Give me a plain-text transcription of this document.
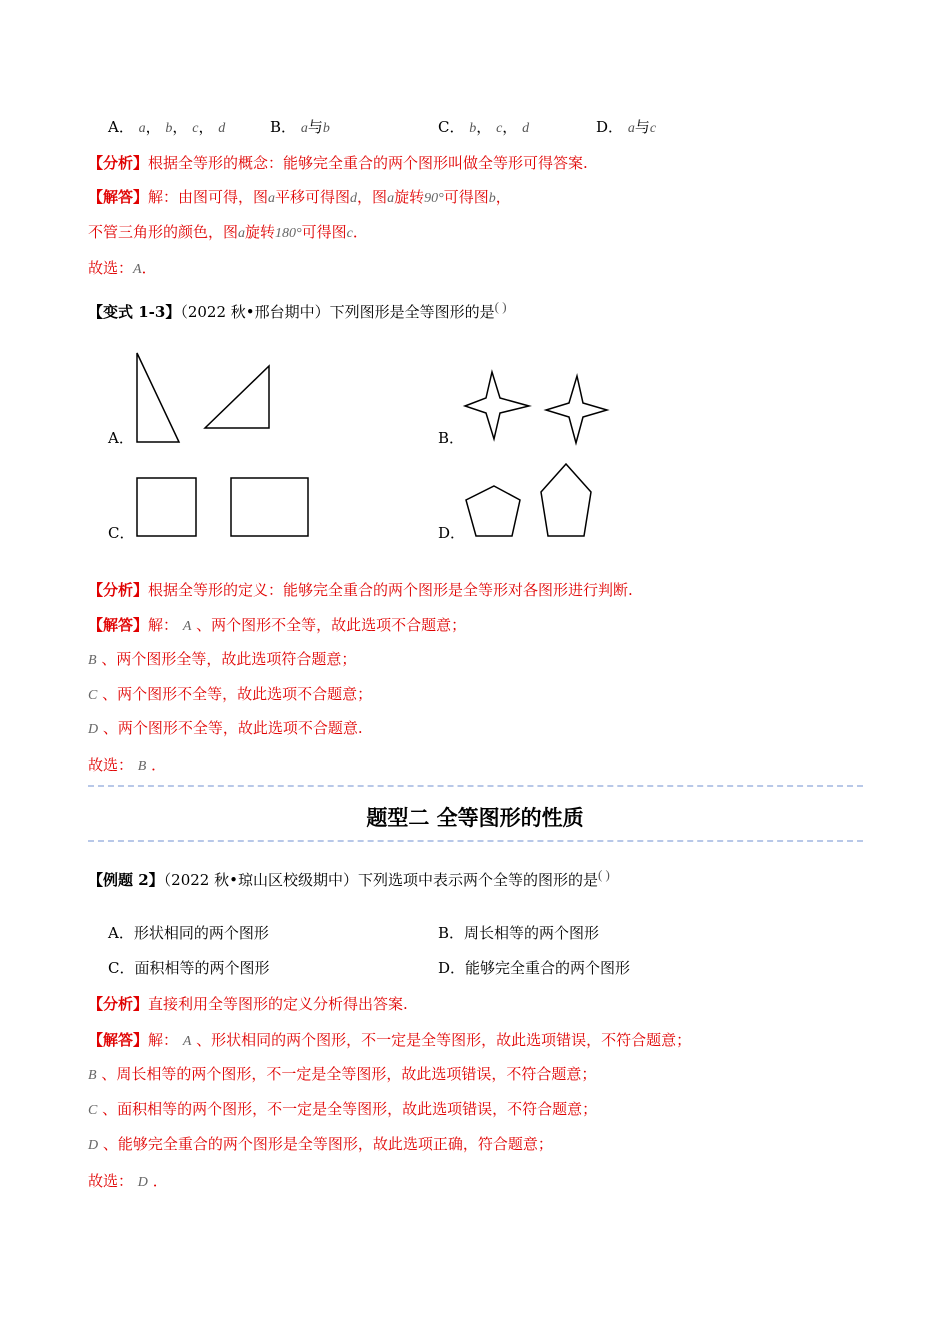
A． a， b， c， d	B． a与b	C． b， c， d	D． a与c
【分析】根据全等形的概念：能够完全重合的两个图形叫做全等形可得答案.
【解答】解：由图可得，图a平移可得图d，图a旋转90°可得图b，
不管三角形的颜色，图a旋转180°可得图c．
故选：A．
【变式 1-3】（2022 秋•邢台期中）下列图形是全等图形的是( )
A．	B．
C．	D．
【分析】根据全等形的定义：能够完全重合的两个图形是全等形对各图形进行判断.
【解答】解： A 、两个图形不全等，故此选项不合题意；
B 、两个图形全等，故此选项符合题意；
C 、两个图形不全等，故此选项不合题意；
D 、两个图形不全等，故此选项不合题意.
故选： B ．
题型二 全等图形的性质
【例题 2】（2022 秋•琼山区校级期中）下列选项中表示两个全等的图形的是( )
A．形状相同的两个图形	B．周长相等的两个图形
C．面积相等的两个图形	D．能够完全重合的两个图形
【分析】直接利用全等图形的定义分析得出答案.
【解答】解： A 、形状相同的两个图形，不一定是全等图形，故此选项错误，不符合题意；
B 、周长相等的两个图形，不一定是全等图形，故此选项错误，不符合题意；
C 、面积相等的两个图形，不一定是全等图形，故此选项错误，不符合题意；
D 、能够完全重合的两个图形是全等图形，故此选项正确，符合题意；
故选： D ．
